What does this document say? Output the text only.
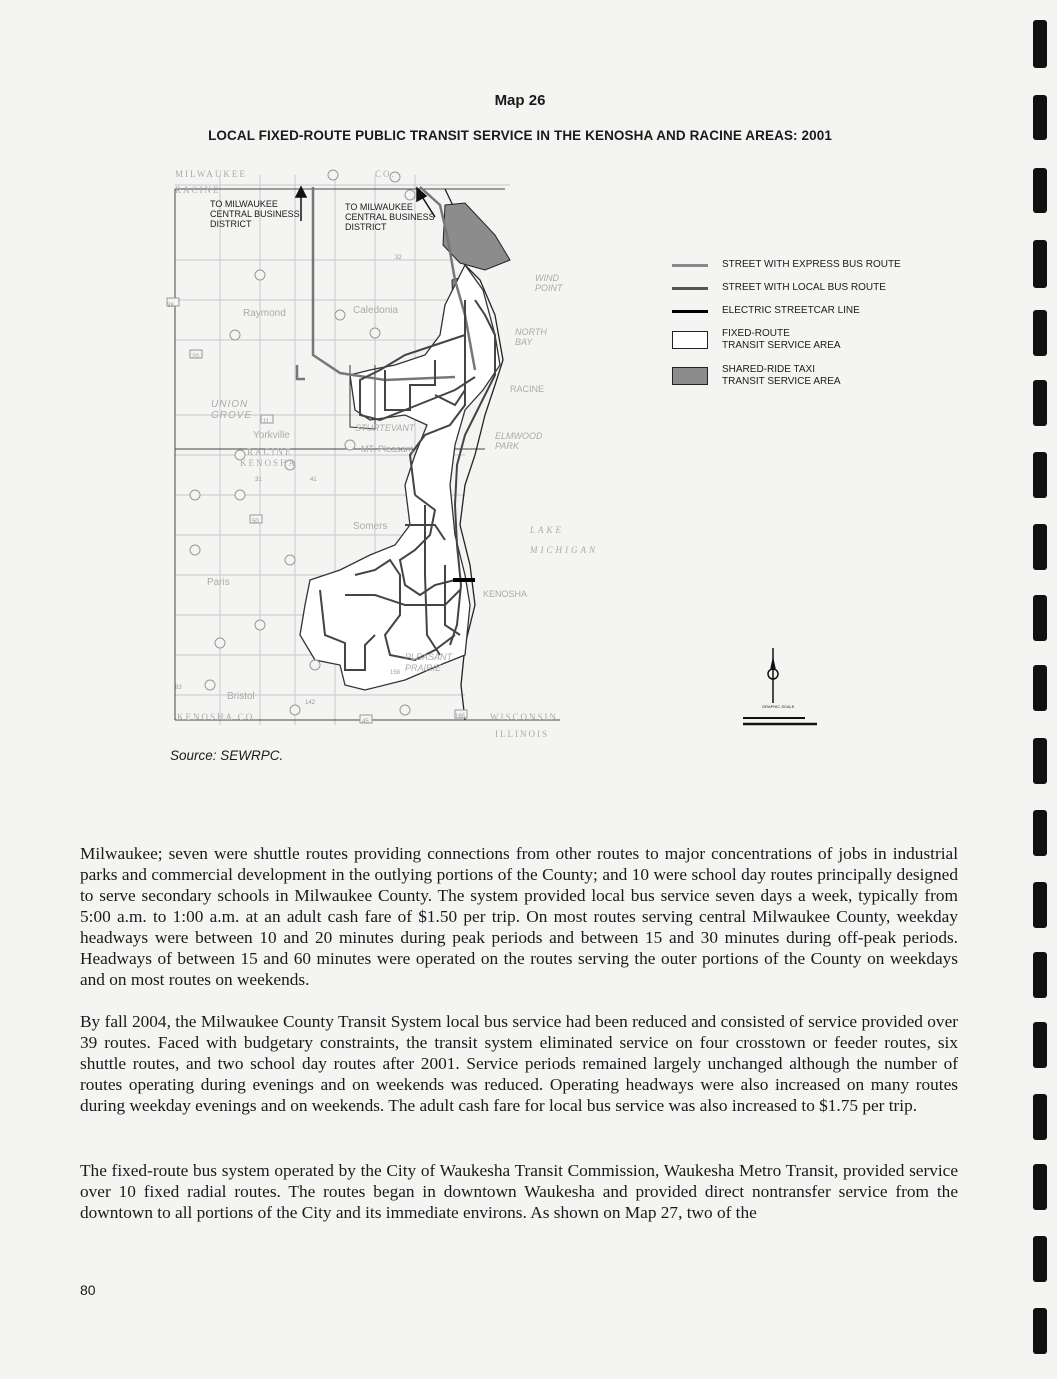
Map 26
LOCAL FIXED-ROUTE PUBLIC TRANSIT SERVICE IN THE KENOSHA AND RACINE AREAS: 2001
TO MILWAUKEE
CENTRAL BUSINESS
DISTRICT
TO MILWAUKEE
CENTRAL BUSINESS
DISTRICT
MILWAUKEE
RACINE
CO.
Raymond	Caledonia
WIND POINT
NORTH BAY
RACINE
UNION GROVE
Yorkville
STURTEVANT
MT. Pleasant
ELMWOOD PARK
RACINE
KENOSHA
Somers	LAKE MICHIGAN
Paris
KENOSHA
PLEASANT PRAIRIE
Bristol
KENOSHA CO.	WISCONSIN
ILLINOIS
38
20
11
32
31	41
50
158
165
142
45
83
STREET WITH EXPRESS BUS ROUTE
STREET WITH LOCAL BUS ROUTE
ELECTRIC STREETCAR LINE
FIXED-ROUTE
TRANSIT SERVICE AREA
SHARED-RIDE TAXI
TRANSIT SERVICE AREA
GRAPHIC SCALE
Source: SEWRPC.
Milwaukee; seven were shuttle routes providing connections from other routes to major concentrations of jobs in industrial parks and commercial development in the outlying portions of the County; and 10 were school day routes principally designed to serve secondary schools in Milwaukee County. The system provided local bus service seven days a week, typically from 5:00 a.m. to 1:00 a.m. at an adult cash fare of $1.50 per trip. On most routes serving central Milwaukee County, weekday headways were between 10 and 20 minutes during peak periods and between 15 and 30 minutes during off-peak periods. Headways of between 15 and 60 minutes were operated on the routes serving the outer portions of the County on weekdays and on most routes on weekends.
By fall 2004, the Milwaukee County Transit System local bus service had been reduced and consisted of service provided over 39 routes. Faced with budgetary constraints, the transit system eliminated service on four crosstown or feeder routes, six shuttle routes, and two school day routes after 2001. Service periods remained largely unchanged although the number of routes operating during evenings and on weekends was reduced. Operating headways were also increased on many routes during weekday evenings and on weekends. The adult cash fare for local bus service was also increased to $1.75 per trip.
The fixed-route bus system operated by the City of Waukesha Transit Commission, Waukesha Metro Transit, provided service over 10 fixed radial routes. The routes began in downtown Waukesha and provided direct nontransfer service from the downtown to all portions of the City and its immediate environs. As shown on Map 27, two of the
80
